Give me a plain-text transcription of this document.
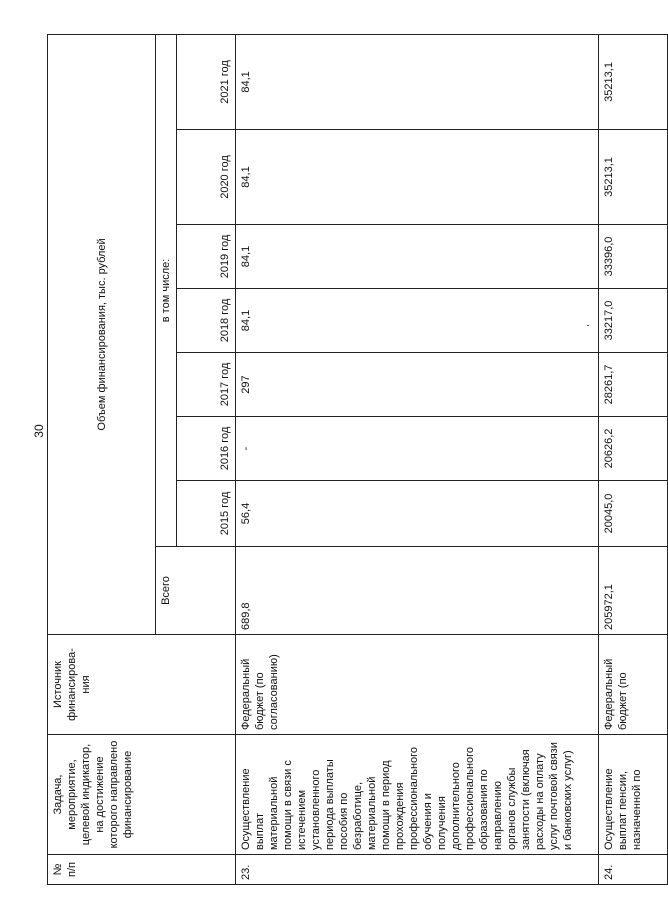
30
№ п/п	Задача, мероприятие, целевой индикатор, на достижение которого направлено финансирование	Источник финансирова-ния	Объем финансирования, тыс. рублей							
			Всего	в том числе:						
				2015 год	2016 год	2017 год	2018 год	2019 год	2020 год	2021 год
23.	Осуществление выплат материальной помощи в связи с истечением установленного периода выплаты пособия по безработице, материальной помощи в период прохождения профессионального обучения и получения дополнительного профессионального образования по направлению органов службы занятости (включая расходы на оплату услуг почтовой связи и банковских услуг)	Федеральный бюджет (по согласованию)	689,8	56,4	-	297	84,1	84,1	84,1	84,1
24.	Осуществление выплат пенсии, назначенной по	Федеральный бюджет (по	205972,1	20045,0	20626,2	28261,7	33217,0	33396,0	35213,1	35213,1
